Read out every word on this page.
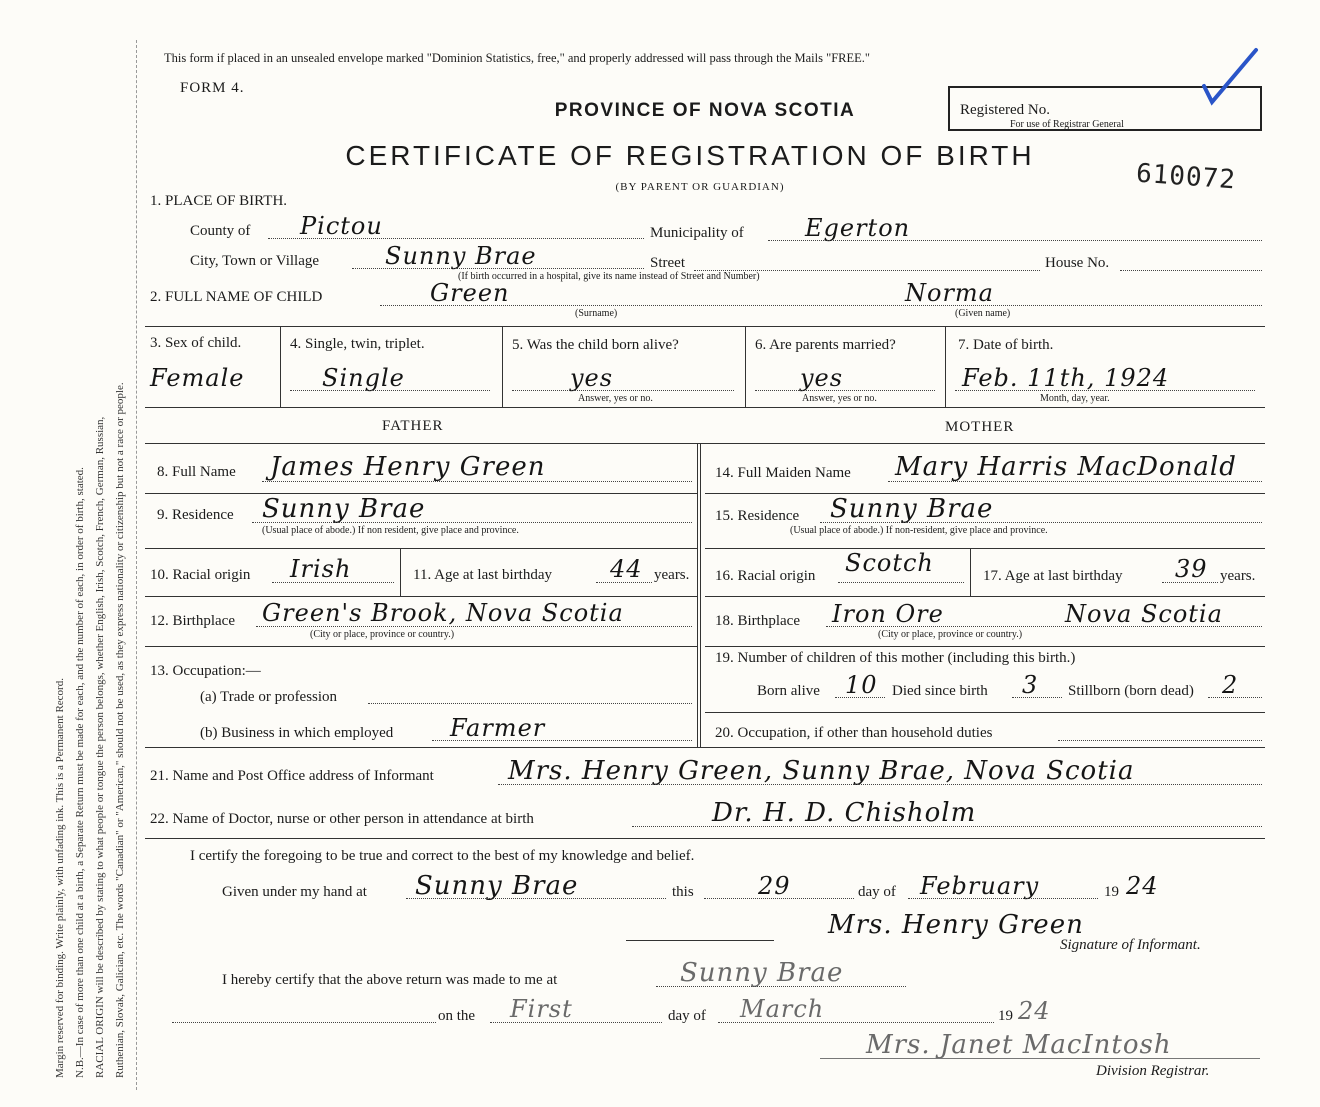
Margin reserved for binding. Write plainly, with unfading ink. This is a Permanent Record. N.B.—In case of more than one child at a birth, a Separate Return must be made for each, and the number of each, in order of birth, stated. RACIAL ORIGIN will be described by stating to what people or tongue the person belongs, whether English, Irish, Scotch, French, German, Russian, Ruthenian, Slovak, Galician, etc. The words "Canadian" or "American," should not be used, as they express nationality or citizenship but not a race or people.
This form if placed in an unsealed envelope marked "Dominion Statistics, free," and properly addressed will pass through the Mails "FREE."
FORM 4.
PROVINCE OF NOVA SCOTIA
CERTIFICATE OF REGISTRATION OF BIRTH
(BY PARENT OR GUARDIAN)
Registered No.
For use of Registrar General
610072
1. PLACE OF BIRTH.
County of Pictou	Municipality of	Egerton
City, Town or Village	Sunny Brae	Street	House No.
(If birth occurred in a hospital, give its name instead of Street and Number)
2. FULL NAME OF CHILD	Green	Norma
(Surname)	(Given name)
3. Sex of child.
Female
4. Single, twin, triplet.
Single
5. Was the child born alive?
yes
Answer, yes or no.
6. Are parents married?
yes
Answer, yes or no.
7. Date of birth.
Feb. 11th, 1924
Month, day, year.
FATHER	MOTHER
8. Full Name James Henry Green
9. Residence Sunny Brae
(Usual place of abode.) If non resident, give place and province.
10. Racial origin Irish	11. Age at last birthday 44 years.
12. Birthplace Green's Brook, Nova Scotia
(City or place, province or country.)
13. Occupation:—
(a) Trade or profession
(b) Business in which employed Farmer
14. Full Maiden Name Mary Harris MacDonald
15. Residence Sunny Brae
(Usual place of abode.) If non-resident, give place and province.
16. Racial origin Scotch	17. Age at last birthday 39 years.
18. Birthplace Iron Ore	Nova Scotia
(City or place, province or country.)
19. Number of children of this mother (including this birth.)
Born alive 10 Died since birth 3 Stillborn (born dead) 2
20. Occupation, if other than household duties
21. Name and Post Office address of Informant	Mrs. Henry Green, Sunny Brae, Nova Scotia
22. Name of Doctor, nurse or other person in attendance at birth	Dr. H. D. Chisholm
I certify the foregoing to be true and correct to the best of my knowledge and belief.
Given under my hand at Sunny Brae	this	29	day of February	19 24
Mrs. Henry Green
Signature of Informant.
I hereby certify that the above return was made to me at	Sunny Brae
on the First	day of March	19 24
Mrs. Janet MacIntosh
Division Registrar.
